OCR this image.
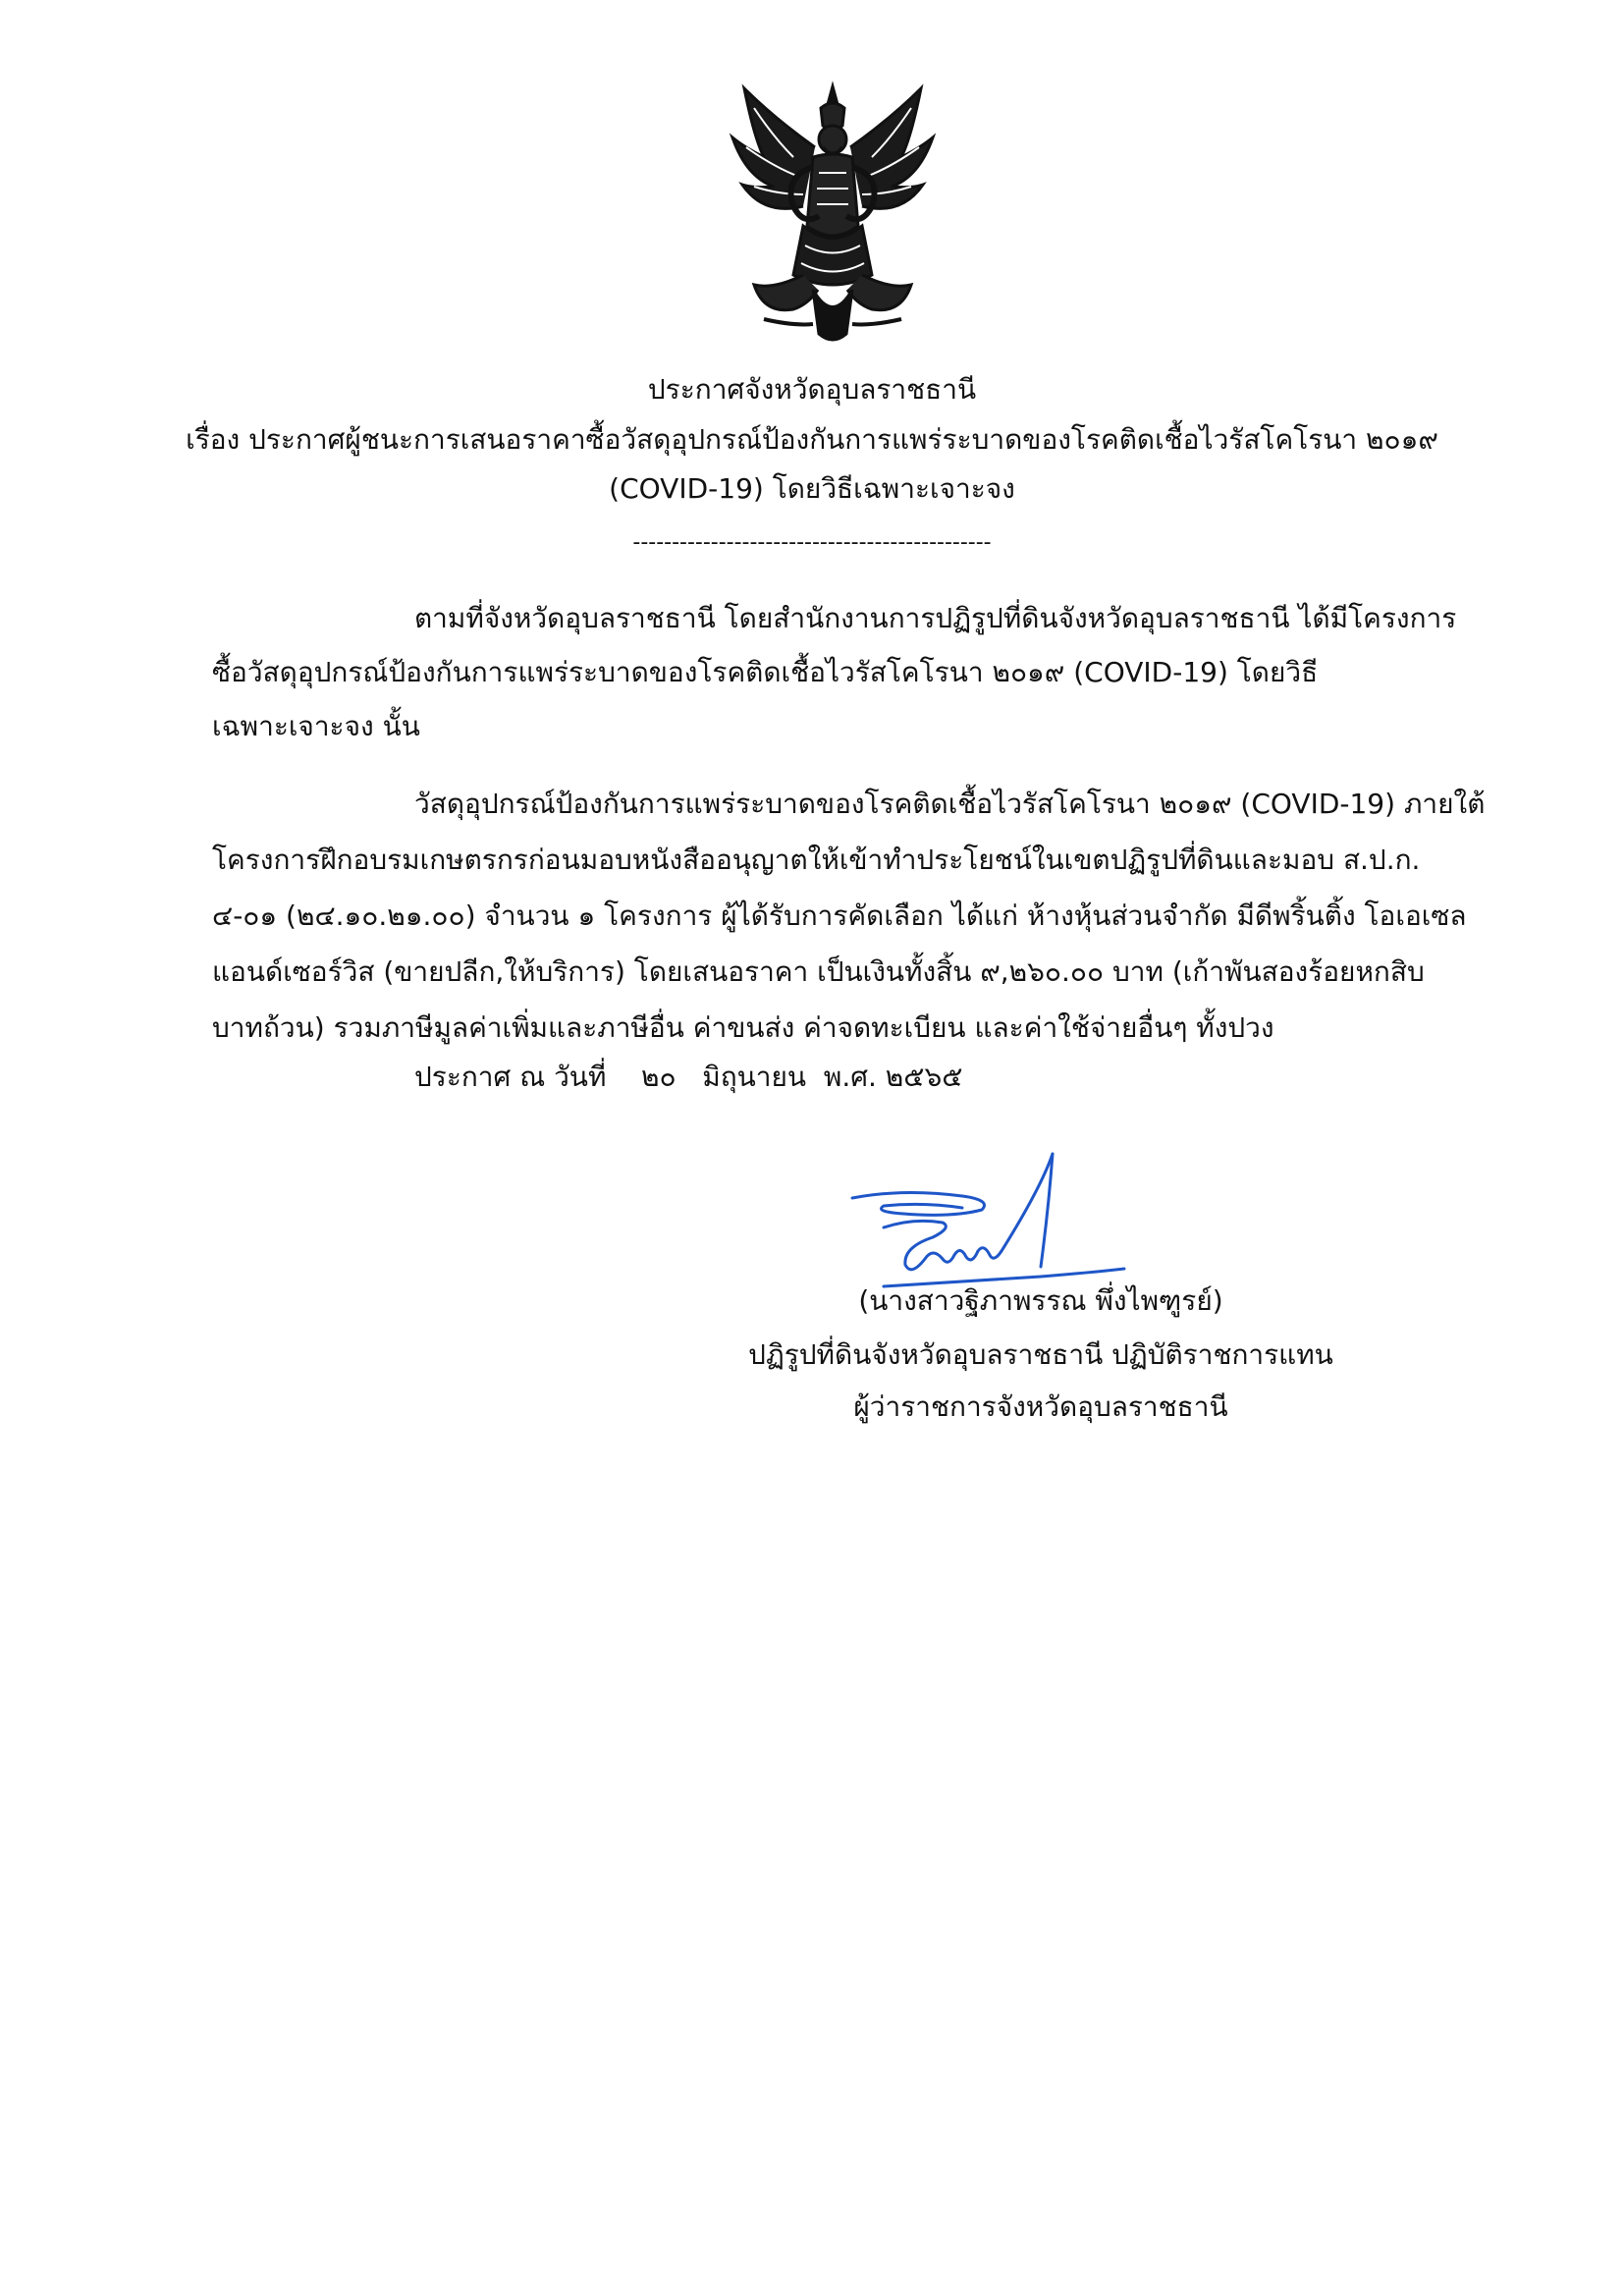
ประกาศจังหวัดอุบลราชธานี
เรื่อง ประกาศผู้ชนะการเสนอราคาซื้อวัสดุอุปกรณ์ป้องกันการแพร่ระบาดของโรคติดเชื้อไวรัสโคโรนา ๒๐๑๙
(COVID-19) โดยวิธีเฉพาะเจาะจง
----------------------------------------------
ตามที่จังหวัดอุบลราชธานี โดยสำนักงานการปฏิรูปที่ดินจังหวัดอุบลราชธานี ได้มีโครงการ
ซื้อวัสดุอุปกรณ์ป้องกันการแพร่ระบาดของโรคติดเชื้อไวรัสโคโรนา ๒๐๑๙ (COVID-19) โดยวิธี
เฉพาะเจาะจง นั้น
วัสดุอุปกรณ์ป้องกันการแพร่ระบาดของโรคติดเชื้อไวรัสโคโรนา ๒๐๑๙ (COVID-19) ภายใต้
โครงการฝึกอบรมเกษตรกรก่อนมอบหนังสืออนุญาตให้เข้าทำประโยชน์ในเขตปฏิรูปที่ดินและมอบ ส.ป.ก.
๔-๐๑ (๒๔.๑๐.๒๑.๐๐) จำนวน ๑ โครงการ ผู้ได้รับการคัดเลือก ได้แก่ ห้างหุ้นส่วนจำกัด มีดีพริ้นติ้ง โอเอเซล
แอนด์เซอร์วิส (ขายปลีก,ให้บริการ) โดยเสนอราคา เป็นเงินทั้งสิ้น ๙,๒๖๐.๐๐ บาท (เก้าพันสองร้อยหกสิบ
บาทถ้วน) รวมภาษีมูลค่าเพิ่มและภาษีอื่น ค่าขนส่ง ค่าจดทะเบียน และค่าใช้จ่ายอื่นๆ ทั้งปวง
ประกาศ ณ วันที่    ๒๐   มิถุนายน  พ.ศ. ๒๕๖๕
(นางสาวฐิภาพรรณ พึ่งไพฑูรย์)
ปฏิรูปที่ดินจังหวัดอุบลราชธานี ปฏิบัติราชการแทน
ผู้ว่าราชการจังหวัดอุบลราชธานี
